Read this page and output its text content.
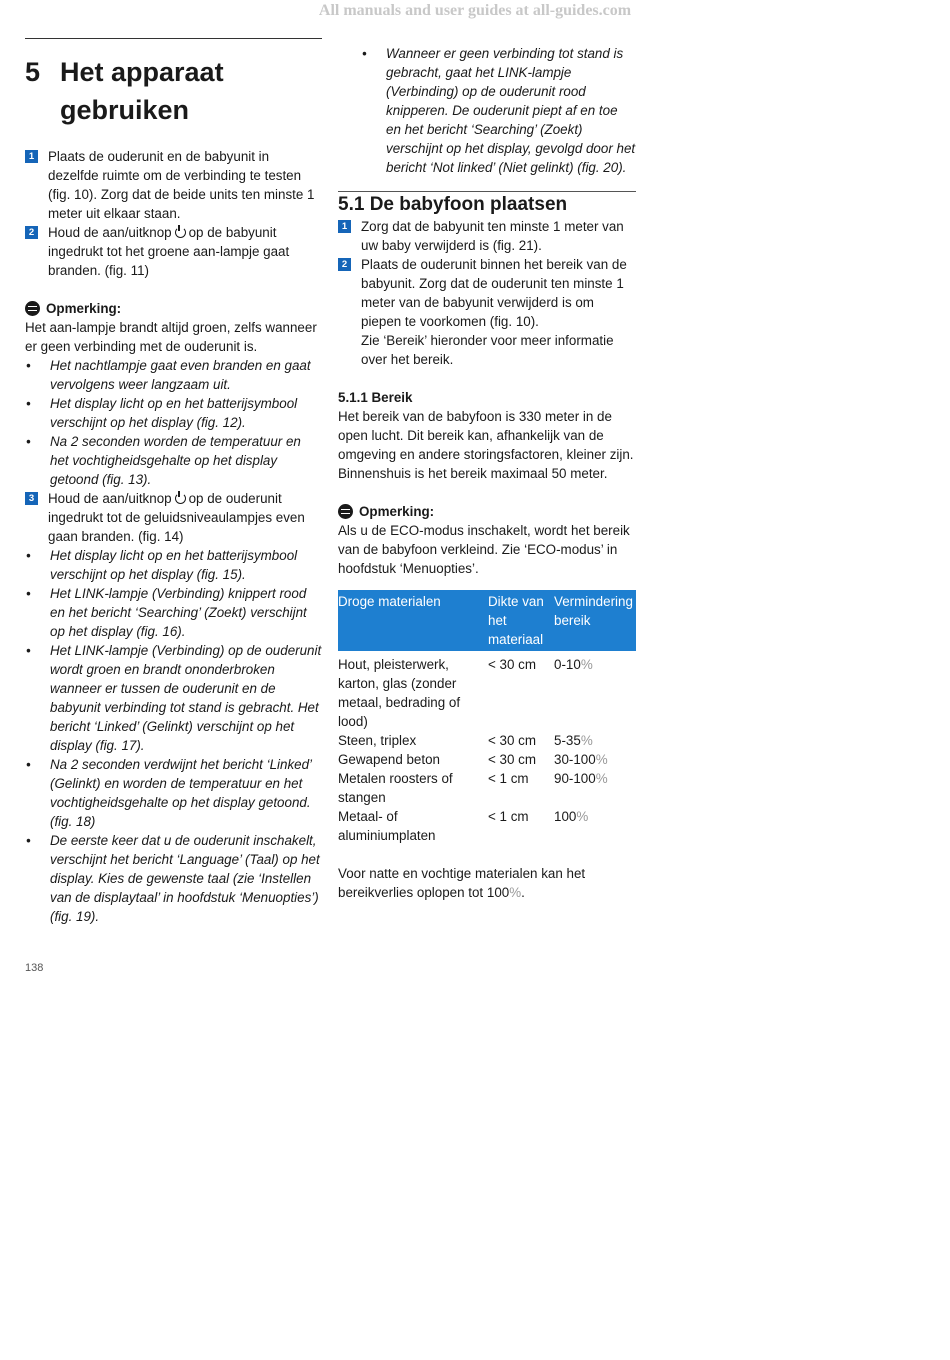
All manuals and user guides at all-guides.com
5 Het apparaat
gebruiken
1 Plaats de ouderunit en de babyunit in dezelfde ruimte om de verbinding te testen (fig. 10). Zorg dat de beide units ten minste 1 meter uit elkaar staan.
2 Houd de aan/uitknop op de babyunit ingedrukt tot het groene aan-lampje gaat branden. (fig. 11)
Opmerking:

Het aan-lampje brandt altijd groen, zelfs wanneer er geen verbinding met de ouderunit is.

•	Het nachtlampje gaat even branden en gaat vervolgens weer langzaam uit.
•	Het display licht op en het batterijsymbool verschijnt op het display (fig. 12).
•	Na 2 seconden worden de temperatuur en het vochtigheidsgehalte op het display getoond (fig. 13).
3 Houd de aan/uitknop op de ouderunit ingedrukt tot de geluidsniveaulampjes even gaan branden. (fig. 14)
•	Het display licht op en het batterijsymbool verschijnt op het display (fig. 15).
•	Het LINK-lampje (Verbinding) knippert rood en het bericht ‘Searching’ (Zoekt) verschijnt op het display (fig. 16).
•	Het LINK-lampje (Verbinding) op de ouderunit wordt groen en brandt ononderbroken wanneer er tussen de ouderunit en de babyunit verbinding tot stand is gebracht. Het bericht ‘Linked’ (Gelinkt) verschijnt op het display (fig. 17).
•	Na 2 seconden verdwijnt het bericht ‘Linked’ (Gelinkt) en worden de temperatuur en het vochtigheidsgehalte op het display getoond. (fig. 18)
•	De eerste keer dat u de ouderunit inschakelt, verschijnt het bericht ‘Language’ (Taal) op het display. Kies de gewenste taal (zie ‘Instellen van de displaytaal’ in hoofdstuk ‘Menuopties’) (fig. 19).
138
•	Wanneer er geen verbinding tot stand is gebracht, gaat het LINK-lampje (Verbinding) op de ouderunit rood knipperen. De ouderunit piept af en toe en het bericht ‘Searching’ (Zoekt) verschijnt op het display, gevolgd door het bericht ‘Not linked’ (Niet gelinkt) (fig. 20).
5.1 De babyfoon plaatsen
1 Zorg dat de babyunit ten minste 1 meter van uw baby verwijderd is (fig. 21).
2 Plaats de ouderunit binnen het bereik van de babyunit. Zorg dat de ouderunit ten minste 1 meter van de babyunit verwijderd is om piepen te voorkomen (fig. 10).
Zie ‘Bereik’ hieronder voor meer informatie over het bereik.
5.1.1 Bereik

Het bereik van de babyfoon is 330 meter in de open lucht. Dit bereik kan, afhankelijk van de omgeving en andere storingsfactoren, kleiner zijn. Binnenshuis is het bereik maximaal 50 meter.

Opmerking:

Als u de ECO-modus inschakelt, wordt het bereik van de babyfoon verkleind. Zie ‘ECO-modus’ in hoofdstuk ‘Menuopties’.

Droge materialen	Dikte van het materiaal	Vermindering bereik
Hout, pleisterwerk, karton, glas (zonder metaal, bedrading of lood)	< 30 cm	0-10%
Steen, triplex	< 30 cm	5-35%
Gewapend beton	< 30 cm	30-100%
Metalen roosters of stangen	< 1 cm	90-100%
Metaal- of aluminiumplaten	< 1 cm	100%

Voor natte en vochtige materialen kan het bereikverlies oplopen tot 100%.
